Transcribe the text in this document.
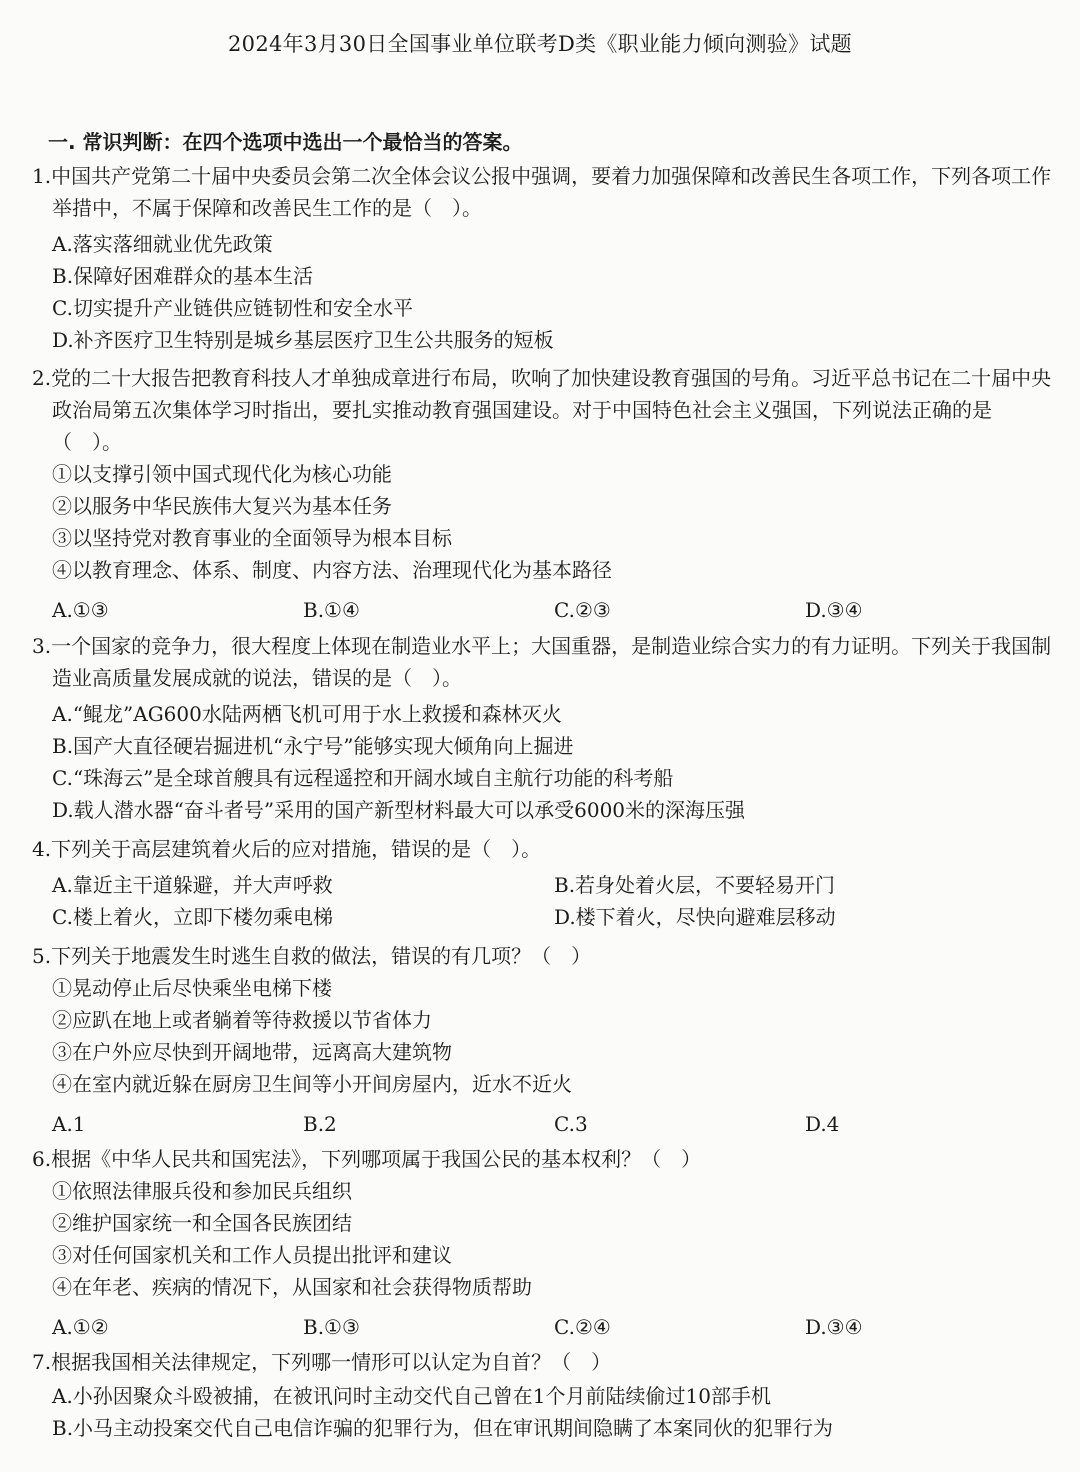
2024年3月30日全国事业单位联考D类《职业能力倾向测验》试题
一. 常识判断：在四个选项中选出一个最恰当的答案。
1.中国共产党第二十届中央委员会第二次全体会议公报中强调，要着力加强保障和改善民生各项工作，下列各项工作举措中，不属于保障和改善民生工作的是（　）。
A.落实落细就业优先政策
B.保障好困难群众的基本生活
C.切实提升产业链供应链韧性和安全水平
D.补齐医疗卫生特别是城乡基层医疗卫生公共服务的短板
2.党的二十大报告把教育科技人才单独成章进行布局，吹响了加快建设教育强国的号角。习近平总书记在二十届中央政治局第五次集体学习时指出，要扎实推动教育强国建设。对于中国特色社会主义强国，下列说法正确的是（　）。
①以支撑引领中国式现代化为核心功能
②以服务中华民族伟大复兴为基本任务
③以坚持党对教育事业的全面领导为根本目标
④以教育理念、体系、制度、内容方法、治理现代化为基本路径
A.①③	B.①④	C.②③	D.③④
3.一个国家的竞争力，很大程度上体现在制造业水平上；大国重器，是制造业综合实力的有力证明。下列关于我国制造业高质量发展成就的说法，错误的是（　）。
A.“鲲龙”AG600水陆两栖飞机可用于水上救援和森林灭火
B.国产大直径硬岩掘进机“永宁号”能够实现大倾角向上掘进
C.“珠海云”是全球首艘具有远程遥控和开阔水域自主航行功能的科考船
D.载人潜水器“奋斗者号”采用的国产新型材料最大可以承受6000米的深海压强
4.下列关于高层建筑着火后的应对措施，错误的是（　）。
A.靠近主干道躲避，并大声呼救	B.若身处着火层，不要轻易开门
C.楼上着火，立即下楼勿乘电梯	D.楼下着火，尽快向避难层移动
5.下列关于地震发生时逃生自救的做法，错误的有几项？（　）
①晃动停止后尽快乘坐电梯下楼
②应趴在地上或者躺着等待救援以节省体力
③在户外应尽快到开阔地带，远离高大建筑物
④在室内就近躲在厨房卫生间等小开间房屋内，近水不近火
A.1	B.2	C.3	D.4
6.根据《中华人民共和国宪法》，下列哪项属于我国公民的基本权利？（　）
①依照法律服兵役和参加民兵组织
②维护国家统一和全国各民族团结
③对任何国家机关和工作人员提出批评和建议
④在年老、疾病的情况下，从国家和社会获得物质帮助
A.①②	B.①③	C.②④	D.③④
7.根据我国相关法律规定，下列哪一情形可以认定为自首？（　）
A.小孙因聚众斗殴被捕，在被讯问时主动交代自己曾在1个月前陆续偷过10部手机
B.小马主动投案交代自己电信诈骗的犯罪行为，但在审讯期间隐瞒了本案同伙的犯罪行为
